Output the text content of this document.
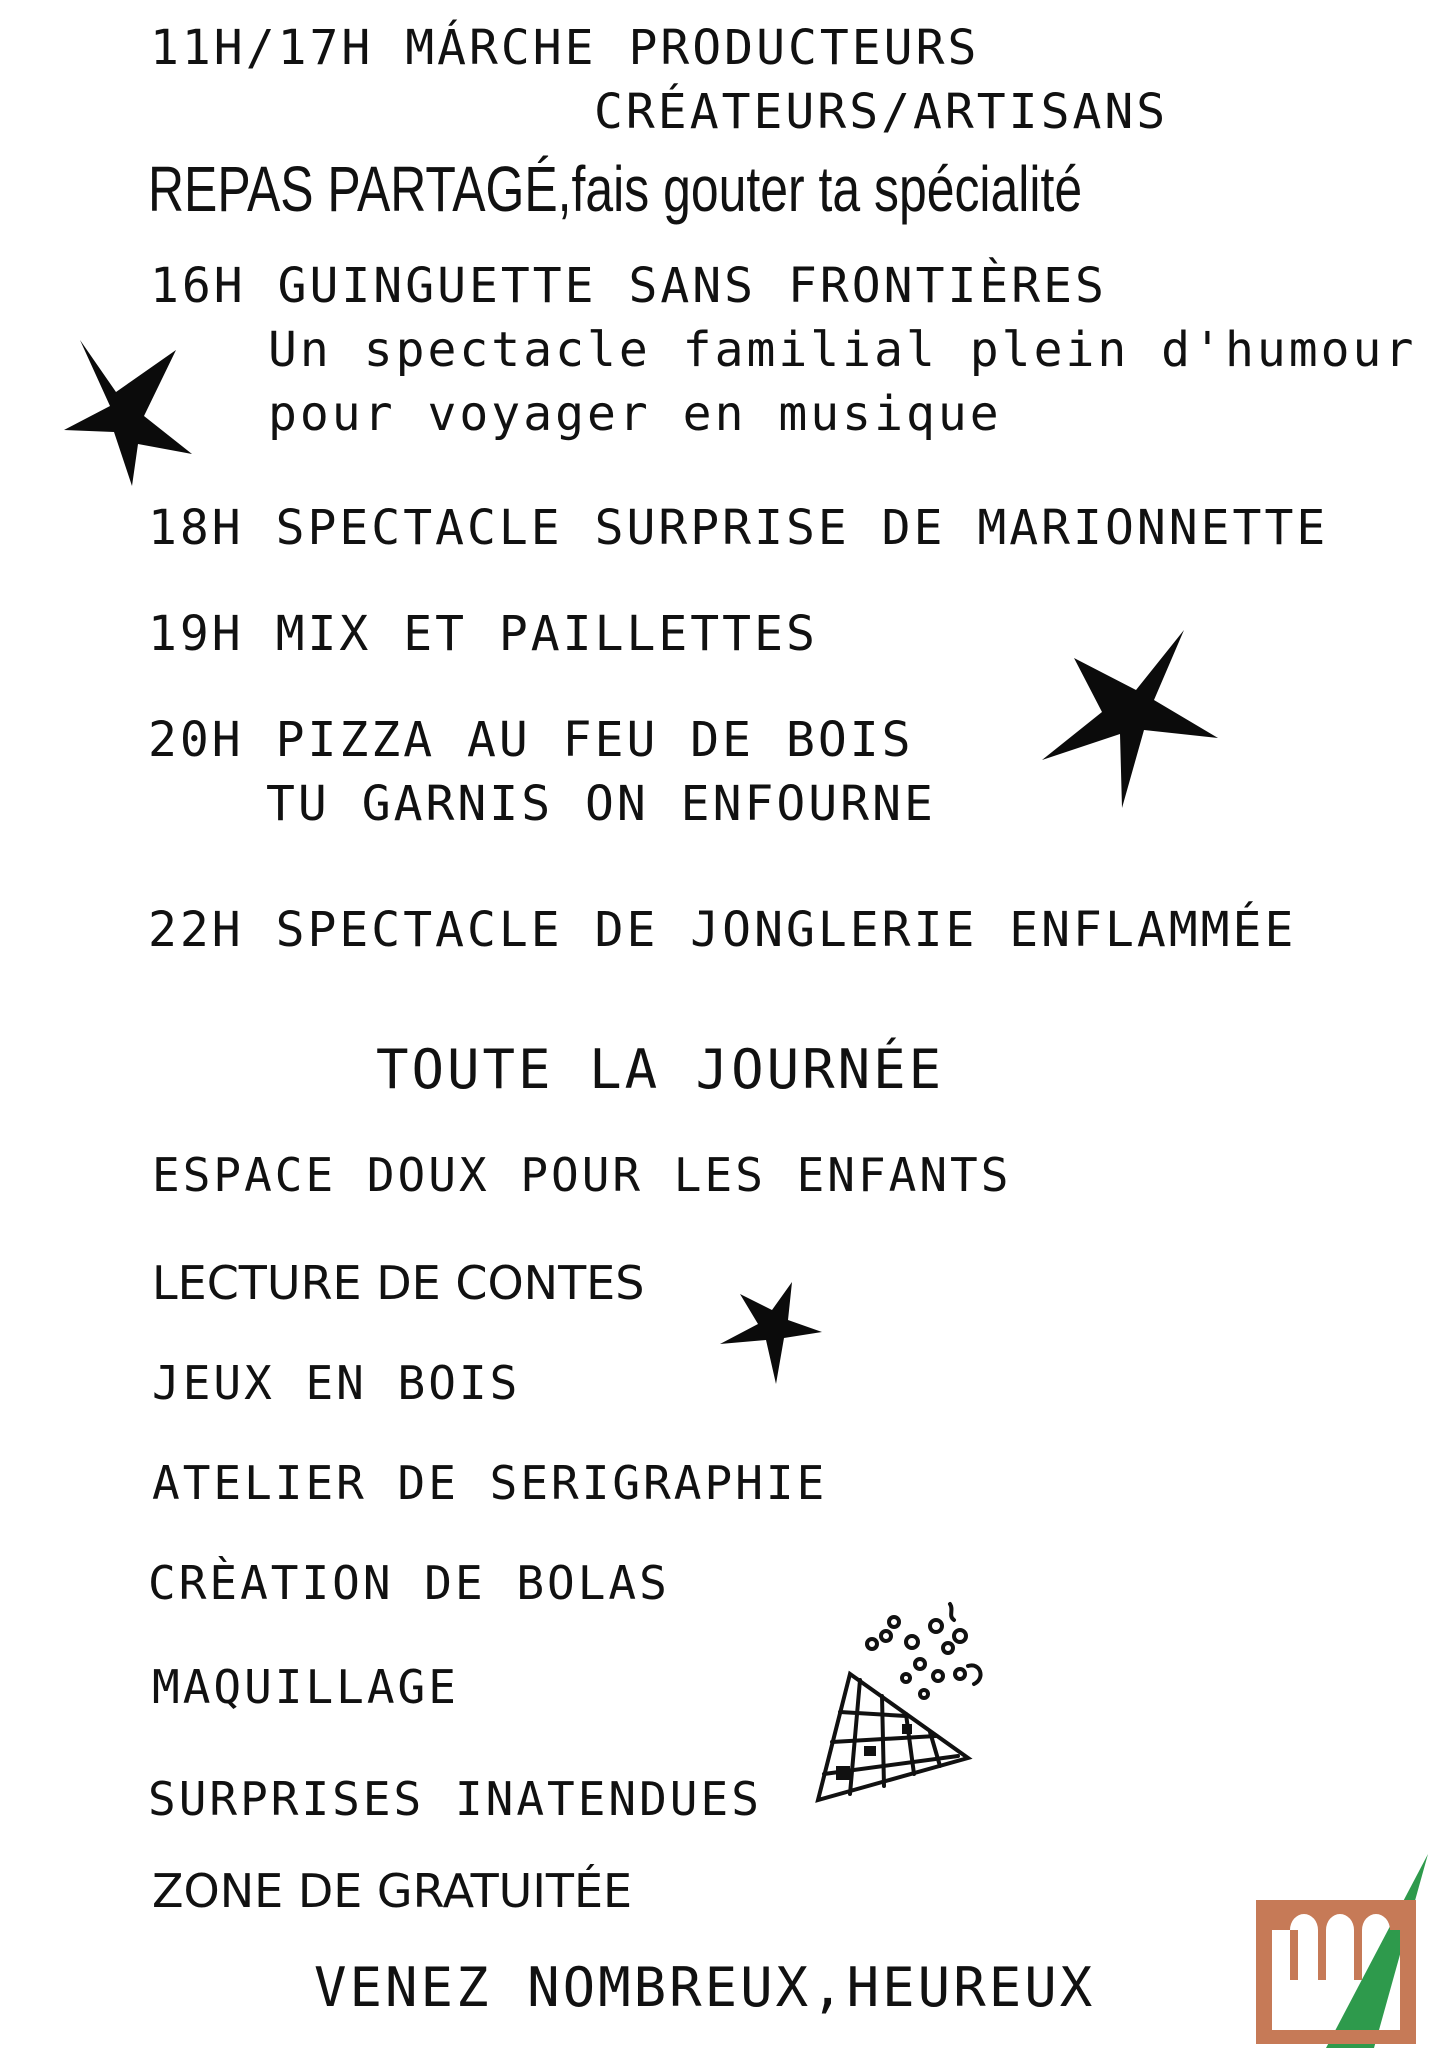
11H/17H MÁRCHE PRODUCTEURS

CRÉATEURS/ARTISANS

REPAS PARTAGÉ,fais gouter ta spécialité

16H GUINGUETTE SANS FRONTIÈRES

Un spectacle familial plein d'humour

pour voyager en musique

18H SPECTACLE SURPRISE DE MARIONNETTE

19H MIX ET PAILLETTES

20H PIZZA AU FEU DE BOIS

TU GARNIS ON ENFOURNE

22H SPECTACLE DE JONGLERIE ENFLAMMÉE

TOUTE LA JOURNÉE

ESPACE DOUX POUR LES ENFANTS

LECTURE DE CONTES

JEUX EN BOIS

ATELIER DE SERIGRAPHIE

CRÈATION DE BOLAS

MAQUILLAGE

SURPRISES INATENDUES

ZONE DE GRATUITÉE

VENEZ NOMBREUX,HEUREUX
